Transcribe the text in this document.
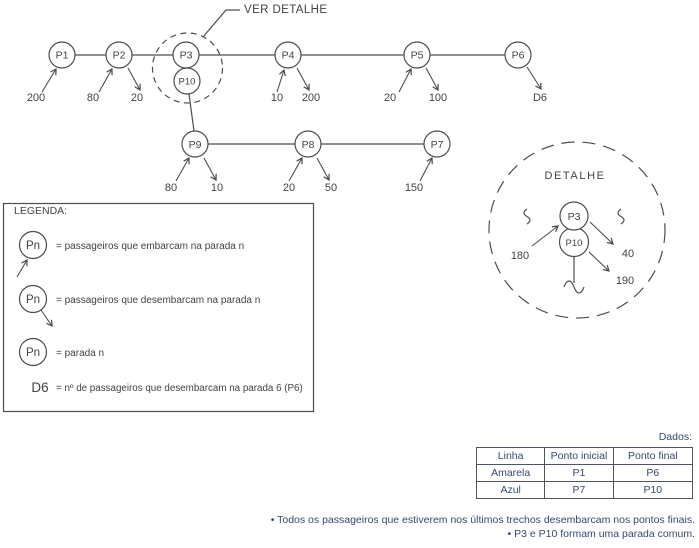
VER DETALHE
P1	P2	P3
P10
P4	P5	P6
P9	P8	P7
200	80	20	10 200	20	100	D6
80	10	20	50	150
DETALHE
P3
P10
180	40
190
LEGENDA:
Pn = passageiros que embarcam na parada n
Pn = passageiros que desembarcam na parada n
Pn = parada n
D6 = nº de passageiros que desembarcam na parada 6 (P6)
Dados:
Linha	Ponto inicial	Ponto final
Amarela	P1	P6
Azul	P7	P10
• Todos os passageiros que estiverem nos últimos trechos desembarcam nos pontos finais.
• P3 e P10 formam uma parada comum.
